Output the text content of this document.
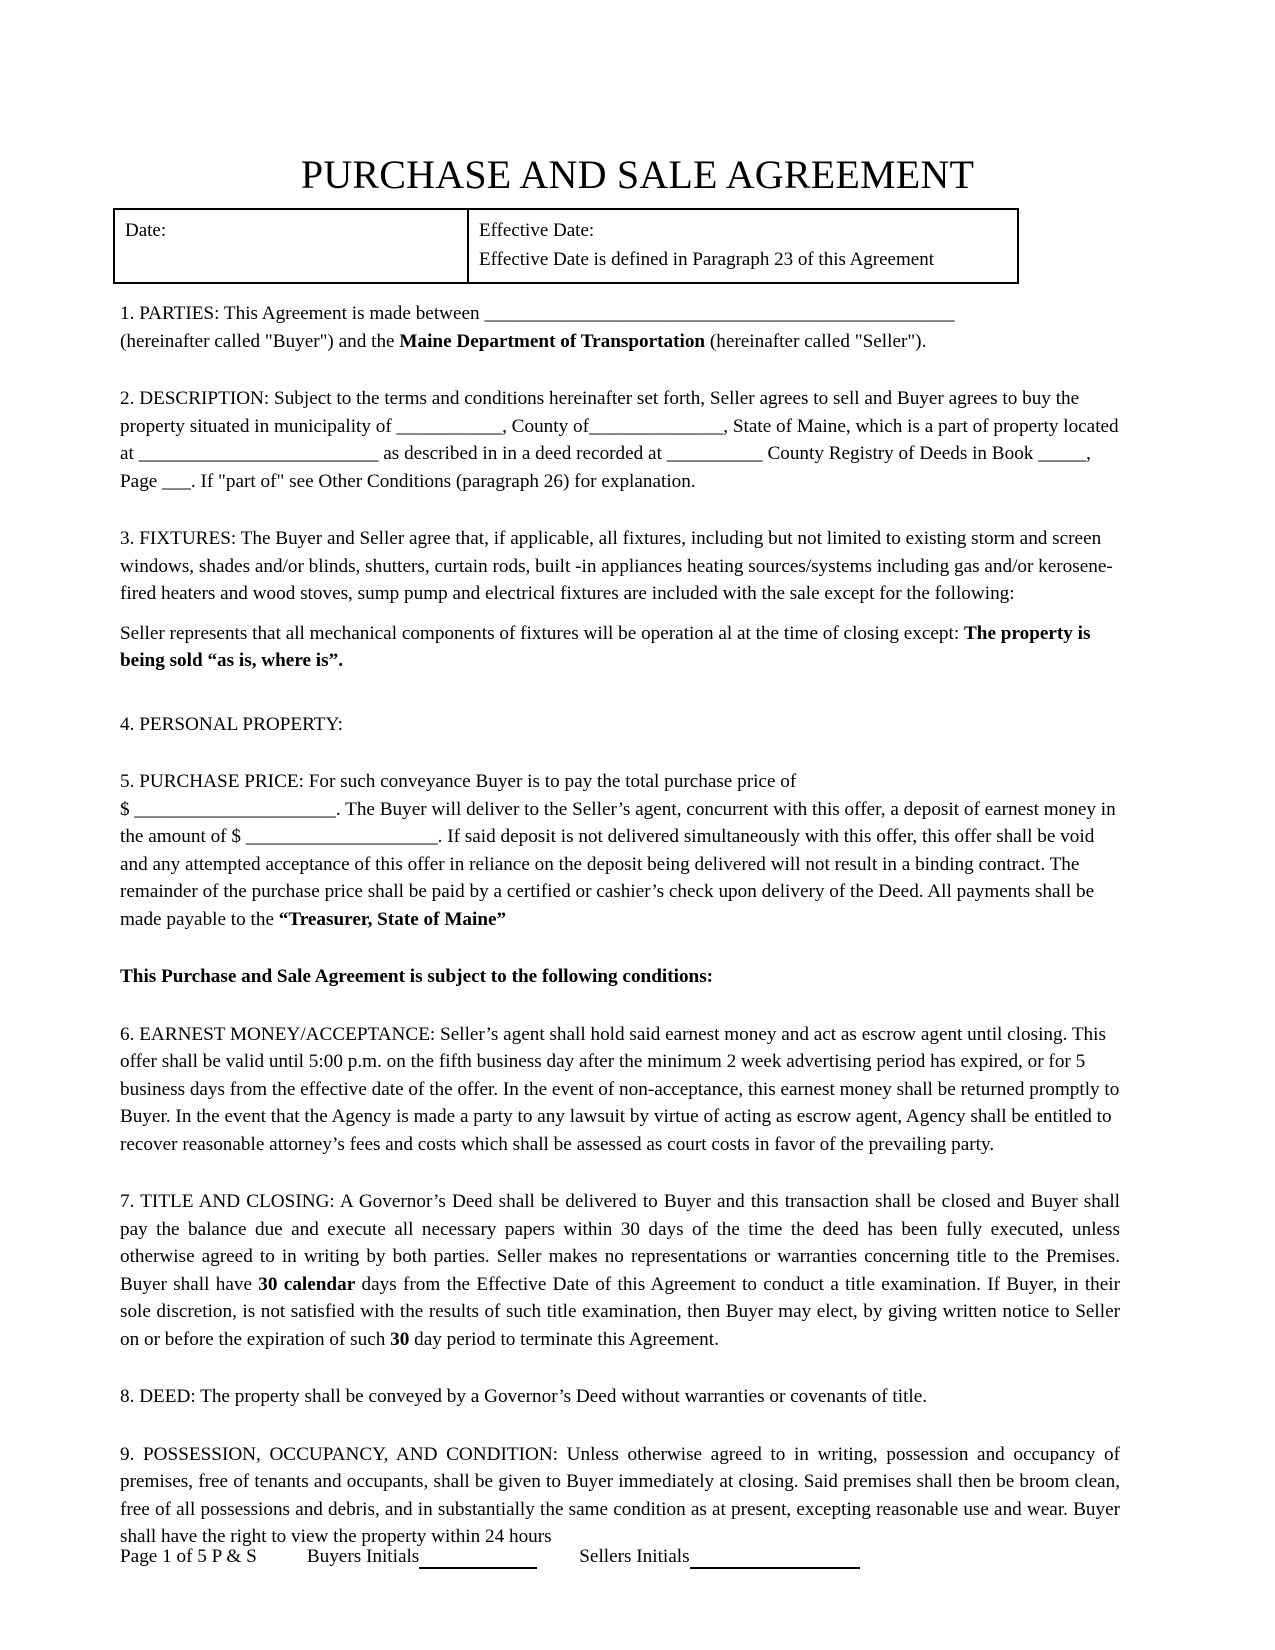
PURCHASE AND SALE AGREEMENT
Date:	Effective Date:
Effective Date is defined in Paragraph 23 of this Agreement

1. PARTIES: This Agreement is made between _________________________________________________
(hereinafter called "Buyer") and the Maine Department of Transportation (hereinafter called "Seller").

2. DESCRIPTION: Subject to the terms and conditions hereinafter set forth, Seller agrees to sell and Buyer agrees to buy the property situated in municipality of ___________, County of______________, State of Maine, which is a part of property located at _________________________ as described in in a deed recorded at __________ County Registry of Deeds in Book _____, Page ___. If "part of" see Other Conditions (paragraph 26) for explanation.

3. FIXTURES: The Buyer and Seller agree that, if applicable, all fixtures, including but not limited to existing storm and screen windows, shades and/or blinds, shutters, curtain rods, built -in appliances heating sources/systems including gas and/or kerosene-fired heaters and wood stoves, sump pump and electrical fixtures are included with the sale except for the following:

Seller represents that all mechanical components of fixtures will be operation al at the time of closing except: The property is being sold “as is, where is”.

4. PERSONAL PROPERTY:

5. PURCHASE PRICE: For such conveyance Buyer is to pay the total purchase price of
$ _____________________. The Buyer will deliver to the Seller’s agent, concurrent with this offer, a deposit of earnest money in the amount of $ ____________________. If said deposit is not delivered simultaneously with this offer, this offer shall be void and any attempted acceptance of this offer in reliance on the deposit being delivered will not result in a binding contract. The remainder of the purchase price shall be paid by a certified or cashier’s check upon delivery of the Deed. All payments shall be made payable to the “Treasurer, State of Maine”

This Purchase and Sale Agreement is subject to the following conditions:

6. EARNEST MONEY/ACCEPTANCE: Seller’s agent shall hold said earnest money and act as escrow agent until closing. This offer shall be valid until 5:00 p.m. on the fifth business day after the minimum 2 week advertising period has expired, or for 5 business days from the effective date of the offer. In the event of non-acceptance, this earnest money shall be returned promptly to Buyer. In the event that the Agency is made a party to any lawsuit by virtue of acting as escrow agent, Agency shall be entitled to recover reasonable attorney’s fees and costs which shall be assessed as court costs in favor of the prevailing party.

7. TITLE AND CLOSING: A Governor’s Deed shall be delivered to Buyer and this transaction shall be closed and Buyer shall pay the balance due and execute all necessary papers within 30 days of the time the deed has been fully executed, unless otherwise agreed to in writing by both parties. Seller makes no representations or warranties concerning title to the Premises. Buyer shall have 30 calendar days from the Effective Date of this Agreement to conduct a title examination. If Buyer, in their sole discretion, is not satisfied with the results of such title examination, then Buyer may elect, by giving written notice to Seller on or before the expiration of such 30 day period to terminate this Agreement.

8. DEED: The property shall be conveyed by a Governor’s Deed without warranties or covenants of title.

9. POSSESSION, OCCUPANCY, AND CONDITION: Unless otherwise agreed to in writing, possession and occupancy of premises, free of tenants and occupants, shall be given to Buyer immediately at closing. Said premises shall then be broom clean, free of all possessions and debris, and in substantially the same condition as at present, excepting reasonable use and wear. Buyer shall have the right to view the property within 24 hours

Page 1 of 5 P & S	Buyers Initials	Sellers Initials
